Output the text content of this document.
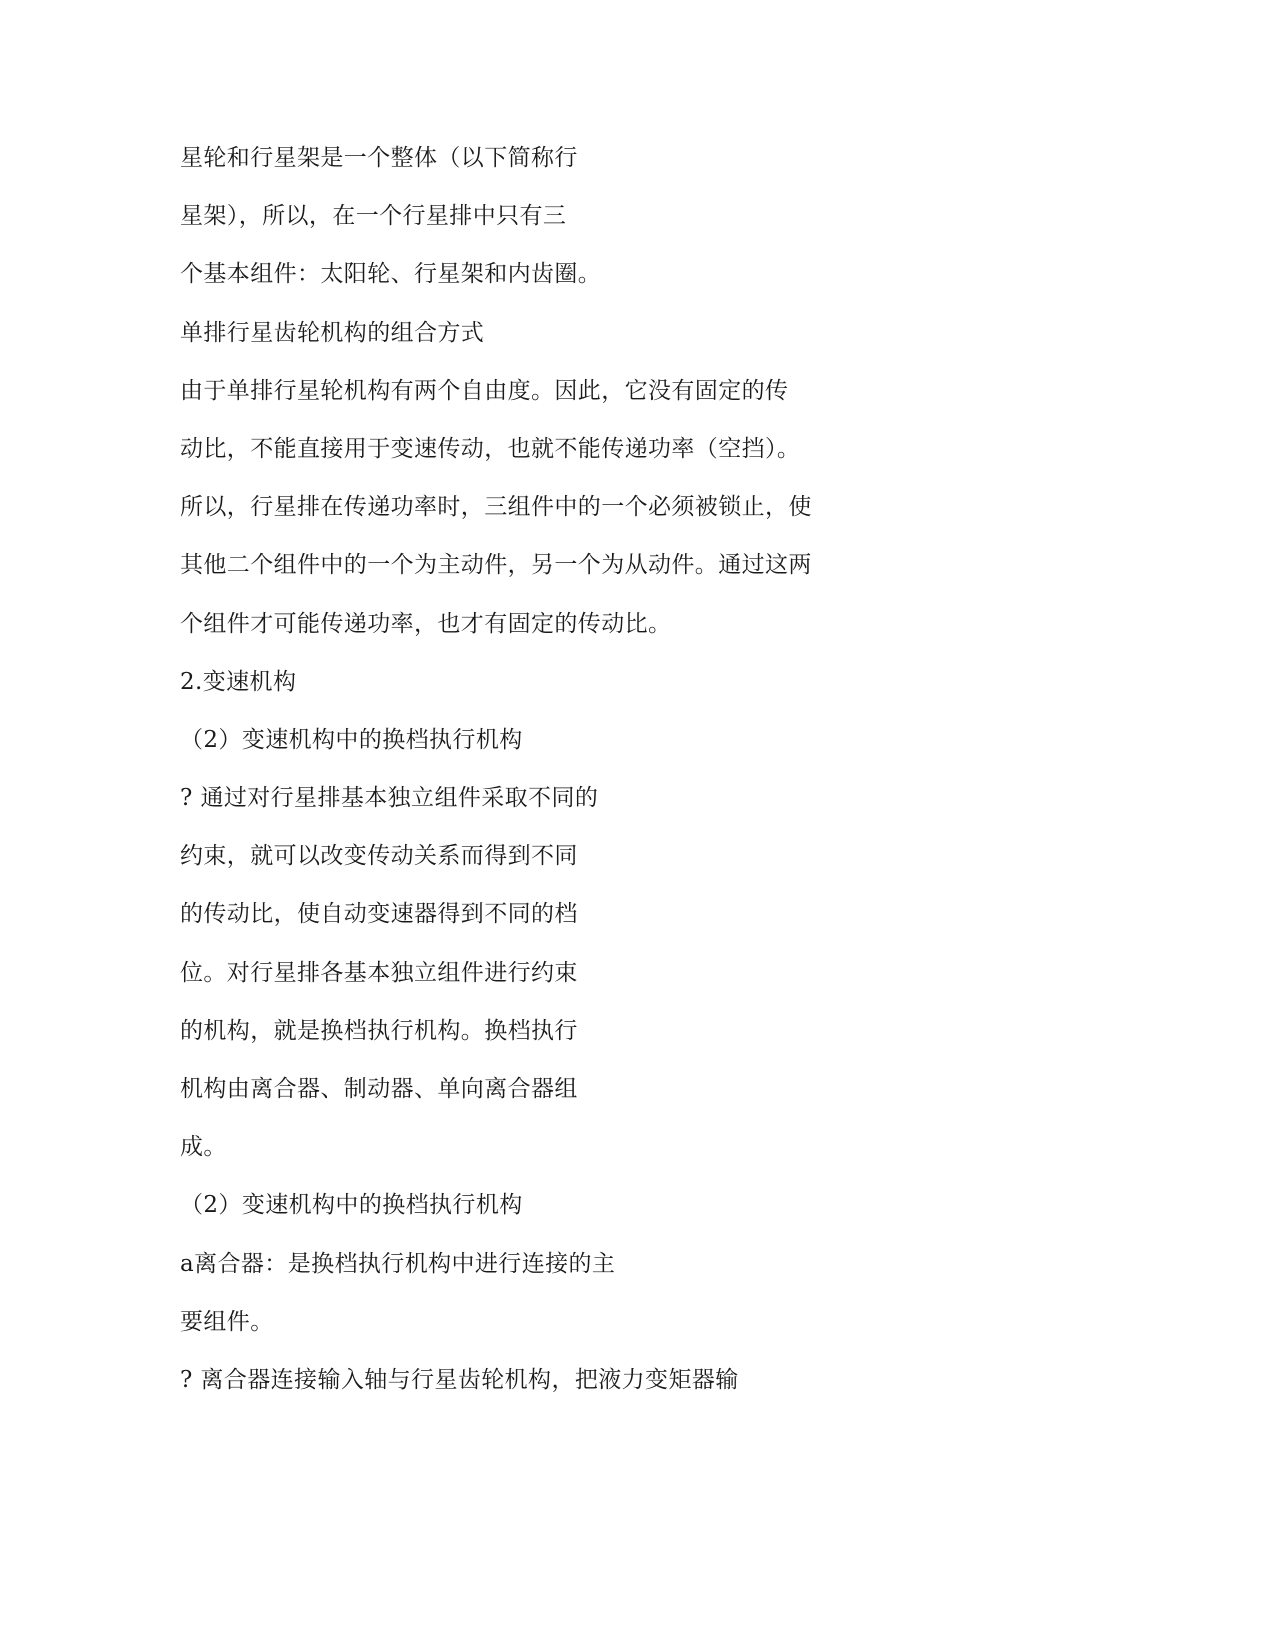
星轮和行星架是一个整体（以下简称行
星架），所以，在一个行星排中只有三
个基本组件：太阳轮、行星架和内齿圈。
单排行星齿轮机构的组合方式
由于单排行星轮机构有两个自由度。因此，它没有固定的传
动比，不能直接用于变速传动，也就不能传递功率（空挡）。
所以，行星排在传递功率时，三组件中的一个必须被锁止，使
其他二个组件中的一个为主动件，另一个为从动件。通过这两
个组件才可能传递功率，也才有固定的传动比。
2.变速机构
（2）变速机构中的换档执行机构
? 通过对行星排基本独立组件采取不同的
约束，就可以改变传动关系而得到不同
的传动比，使自动变速器得到不同的档
位。对行星排各基本独立组件进行约束
的机构，就是换档执行机构。换档执行
机构由离合器、制动器、单向离合器组
成。
（2）变速机构中的换档执行机构
a离合器：是换档执行机构中进行连接的主
要组件。
? 离合器连接输入轴与行星齿轮机构，把液力变矩器输
